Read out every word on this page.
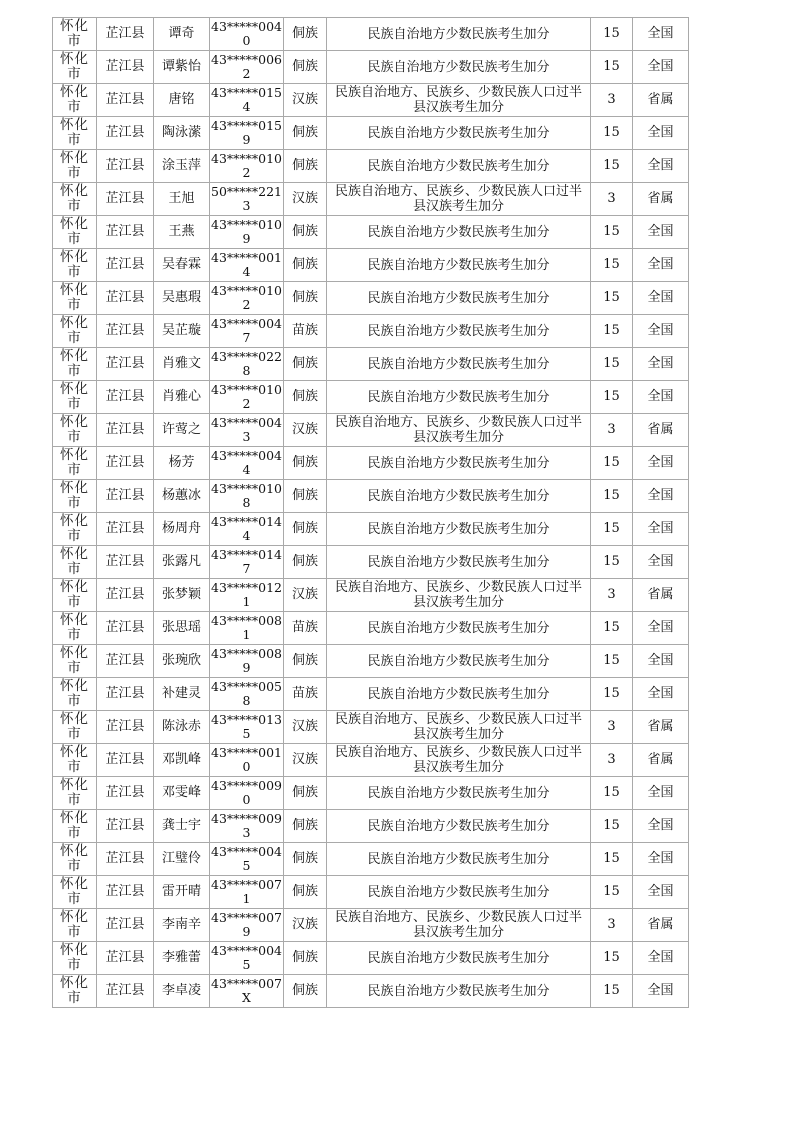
怀化市	芷江县	谭奇	43*****0040	侗族	民族自治地方少数民族考生加分	15	全国
怀化市	芷江县	谭紫怡	43*****0062	侗族	民族自治地方少数民族考生加分	15	全国
怀化市	芷江县	唐铭	43*****0154	汉族	民族自治地方、民族乡、少数民族人口过半县汉族考生加分	3	省属
怀化市	芷江县	陶泳潆	43*****0159	侗族	民族自治地方少数民族考生加分	15	全国
怀化市	芷江县	涂玉萍	43*****0102	侗族	民族自治地方少数民族考生加分	15	全国
怀化市	芷江县	王旭	50*****2213	汉族	民族自治地方、民族乡、少数民族人口过半县汉族考生加分	3	省属
怀化市	芷江县	王燕	43*****0109	侗族	民族自治地方少数民族考生加分	15	全国
怀化市	芷江县	吴春霖	43*****0014	侗族	民族自治地方少数民族考生加分	15	全国
怀化市	芷江县	吴惠瑕	43*****0102	侗族	民族自治地方少数民族考生加分	15	全国
怀化市	芷江县	吴芷璇	43*****0047	苗族	民族自治地方少数民族考生加分	15	全国
怀化市	芷江县	肖雅文	43*****0228	侗族	民族自治地方少数民族考生加分	15	全国
怀化市	芷江县	肖雅心	43*****0102	侗族	民族自治地方少数民族考生加分	15	全国
怀化市	芷江县	许莺之	43*****0043	汉族	民族自治地方、民族乡、少数民族人口过半县汉族考生加分	3	省属
怀化市	芷江县	杨芳	43*****0044	侗族	民族自治地方少数民族考生加分	15	全国
怀化市	芷江县	杨蕙冰	43*****0108	侗族	民族自治地方少数民族考生加分	15	全国
怀化市	芷江县	杨周舟	43*****0144	侗族	民族自治地方少数民族考生加分	15	全国
怀化市	芷江县	张露凡	43*****0147	侗族	民族自治地方少数民族考生加分	15	全国
怀化市	芷江县	张梦颖	43*****0121	汉族	民族自治地方、民族乡、少数民族人口过半县汉族考生加分	3	省属
怀化市	芷江县	张思瑶	43*****0081	苗族	民族自治地方少数民族考生加分	15	全国
怀化市	芷江县	张琬欣	43*****0089	侗族	民族自治地方少数民族考生加分	15	全国
怀化市	芷江县	补建灵	43*****0058	苗族	民族自治地方少数民族考生加分	15	全国
怀化市	芷江县	陈泳赤	43*****0135	汉族	民族自治地方、民族乡、少数民族人口过半县汉族考生加分	3	省属
怀化市	芷江县	邓凯峰	43*****0010	汉族	民族自治地方、民族乡、少数民族人口过半县汉族考生加分	3	省属
怀化市	芷江县	邓雯峰	43*****0090	侗族	民族自治地方少数民族考生加分	15	全国
怀化市	芷江县	龚士宇	43*****0093	侗族	民族自治地方少数民族考生加分	15	全国
怀化市	芷江县	江璧伶	43*****0045	侗族	民族自治地方少数民族考生加分	15	全国
怀化市	芷江县	雷开晴	43*****0071	侗族	民族自治地方少数民族考生加分	15	全国
怀化市	芷江县	李南辛	43*****0079	汉族	民族自治地方、民族乡、少数民族人口过半县汉族考生加分	3	省属
怀化市	芷江县	李雅蕾	43*****0045	侗族	民族自治地方少数民族考生加分	15	全国
怀化市	芷江县	李卓凌	43*****007X	侗族	民族自治地方少数民族考生加分	15	全国
